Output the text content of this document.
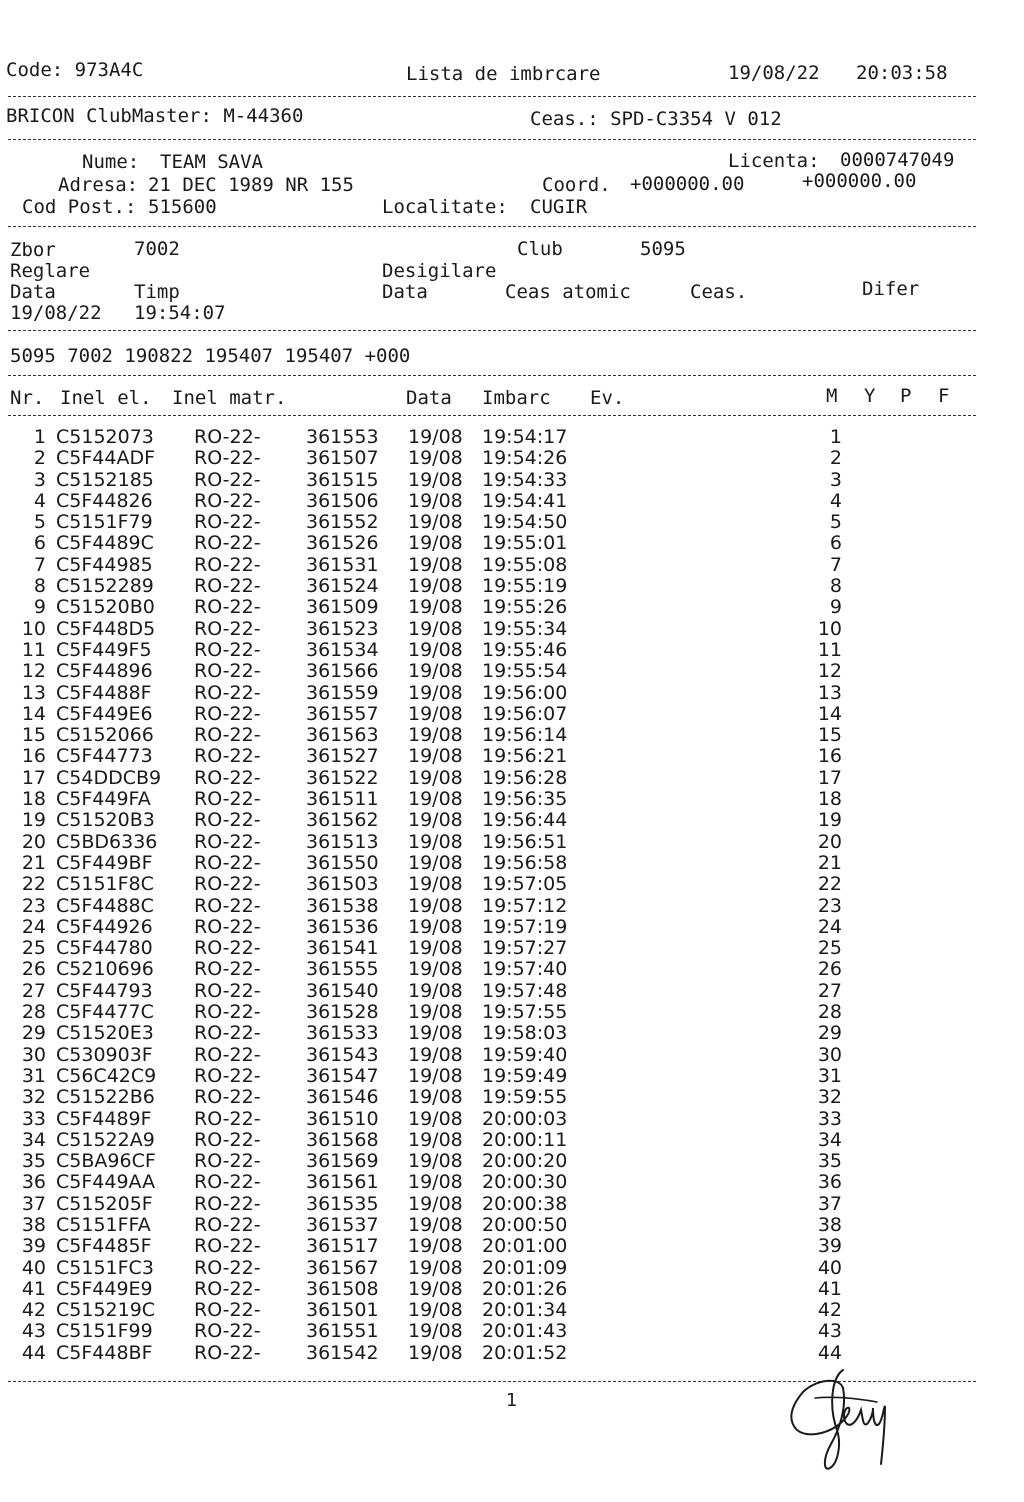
Code: 973A4C	Lista de imbrcare	19/08/22 20:03:58
BRICON ClubMaster: M-44360	Ceas.: SPD-C3354 V 012
Nume: TEAM SAVA	Licenta: 0000747049
Adresa: 21 DEC 1989 NR 155	Coord. +000000.00	+000000.00
Cod Post.: 515600	Localitate: CUGIR
Zbor	7002	Club	5095
Reglare	Desigilare
Data	Timp	Data	Ceas atomic	Ceas.	Difer
19/08/22 19:54:07
5095 7002 190822 195407 195407 +000
Nr. Inel el. Inel matr.	Data Imbarc Ev.	M Y P F
1 C5152073 RO-22- 361553 19/08 19:54:17	1
2 C5F44ADF RO-22- 361507 19/08 19:54:26	2
3 C5152185 RO-22- 361515 19/08 19:54:33	3
4 C5F44826 RO-22- 361506 19/08 19:54:41	4
5 C5151F79 RO-22- 361552 19/08 19:54:50	5
6 C5F4489C RO-22- 361526 19/08 19:55:01	6
7 C5F44985 RO-22- 361531 19/08 19:55:08	7
8 C5152289 RO-22- 361524 19/08 19:55:19	8
9 C51520B0 RO-22- 361509 19/08 19:55:26	9
10 C5F448D5 RO-22- 361523 19/08 19:55:34	10
11 C5F449F5 RO-22- 361534 19/08 19:55:46	11
12 C5F44896 RO-22- 361566 19/08 19:55:54	12
13 C5F4488F RO-22- 361559 19/08 19:56:00	13
14 C5F449E6 RO-22- 361557 19/08 19:56:07	14
15 C5152066 RO-22- 361563 19/08 19:56:14	15
16 C5F44773 RO-22- 361527 19/08 19:56:21	16
17 C54DDCB9 RO-22- 361522 19/08 19:56:28	17
18 C5F449FA RO-22- 361511 19/08 19:56:35	18
19 C51520B3 RO-22- 361562 19/08 19:56:44	19
20 C5BD6336 RO-22- 361513 19/08 19:56:51	20
21 C5F449BF RO-22- 361550 19/08 19:56:58	21
22 C5151F8C RO-22- 361503 19/08 19:57:05	22
23 C5F4488C RO-22- 361538 19/08 19:57:12	23
24 C5F44926 RO-22- 361536 19/08 19:57:19	24
25 C5F44780 RO-22- 361541 19/08 19:57:27	25
26 C5210696 RO-22- 361555 19/08 19:57:40	26
27 C5F44793 RO-22- 361540 19/08 19:57:48	27
28 C5F4477C RO-22- 361528 19/08 19:57:55	28
29 C51520E3 RO-22- 361533 19/08 19:58:03	29
30 C530903F RO-22- 361543 19/08 19:59:40	30
31 C56C42C9 RO-22- 361547 19/08 19:59:49	31
32 C51522B6 RO-22- 361546 19/08 19:59:55	32
33 C5F4489F RO-22- 361510 19/08 20:00:03	33
34 C51522A9 RO-22- 361568 19/08 20:00:11	34
35 C5BA96CF RO-22- 361569 19/08 20:00:20	35
36 C5F449AA RO-22- 361561 19/08 20:00:30	36
37 C515205F RO-22- 361535 19/08 20:00:38	37
38 C5151FFA RO-22- 361537 19/08 20:00:50	38
39 C5F4485F RO-22- 361517 19/08 20:01:00	39
40 C5151FC3 RO-22- 361567 19/08 20:01:09	40
41 C5F449E9 RO-22- 361508 19/08 20:01:26	41
42 C515219C RO-22- 361501 19/08 20:01:34	42
43 C5151F99 RO-22- 361551 19/08 20:01:43	43
44 C5F448BF RO-22- 361542 19/08 20:01:52	44
1
